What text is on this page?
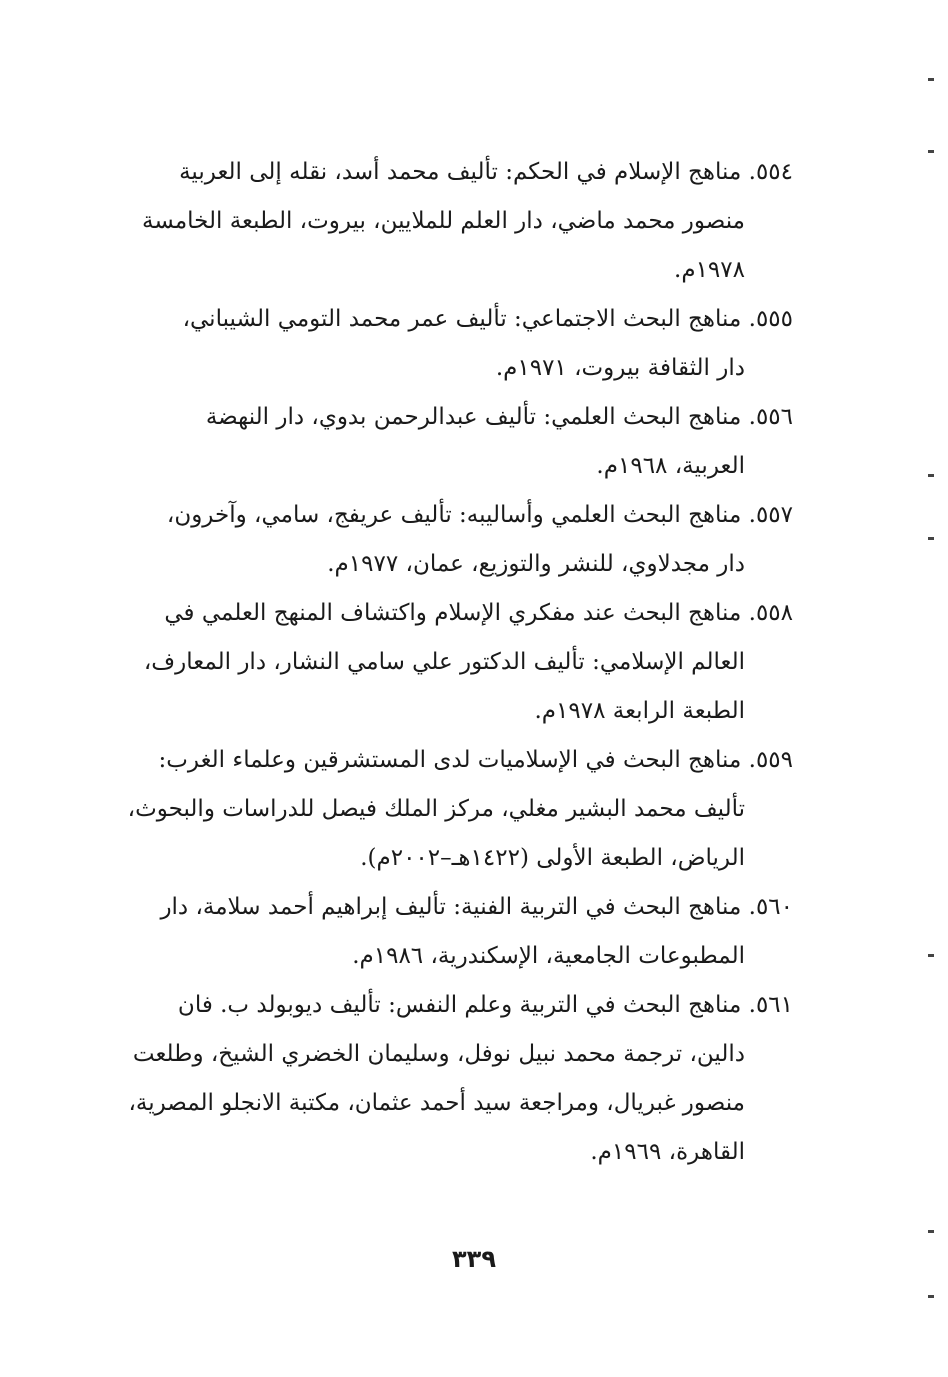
٥٥٤. مناهج الإسلام في الحكم: تأليف محمد أسد، نقله إلى العربية
منصور محمد ماضي، دار العلم للملايين، بيروت، الطبعة الخامسة
١٩٧٨م.
٥٥٥. مناهج البحث الاجتماعي: تأليف عمر محمد التومي الشيباني،
دار الثقافة بيروت، ١٩٧١م.
٥٥٦. مناهج البحث العلمي: تأليف عبدالرحمن بدوي، دار النهضة
العربية، ١٩٦٨م.
٥٥٧. مناهج البحث العلمي وأساليبه: تأليف عريفج، سامي، وآخرون،
دار مجدلاوي، للنشر والتوزيع، عمان، ١٩٧٧م.
٥٥٨. مناهج البحث عند مفكري الإسلام واكتشاف المنهج العلمي في
العالم الإسلامي: تأليف الدكتور علي سامي النشار، دار المعارف،
الطبعة الرابعة ١٩٧٨م.
٥٥٩. مناهج البحث في الإسلاميات لدى المستشرقين وعلماء الغرب:
تأليف محمد البشير مغلي، مركز الملك فيصل للدراسات والبحوث،
الرياض، الطبعة الأولى (١٤٢٢هـ–٢٠٠٢م).
٥٦٠. مناهج البحث في التربية الفنية: تأليف إبراهيم أحمد سلامة، دار
المطبوعات الجامعية، الإسكندرية، ١٩٨٦م.
٥٦١. مناهج البحث في التربية وعلم النفس: تأليف ديوبولد ب. فان
دالين، ترجمة محمد نبيل نوفل، وسليمان الخضري الشيخ، وطلعت
منصور غبريال، ومراجعة سيد أحمد عثمان، مكتبة الانجلو المصرية،
القاهرة، ١٩٦٩م.
٣٣٩
